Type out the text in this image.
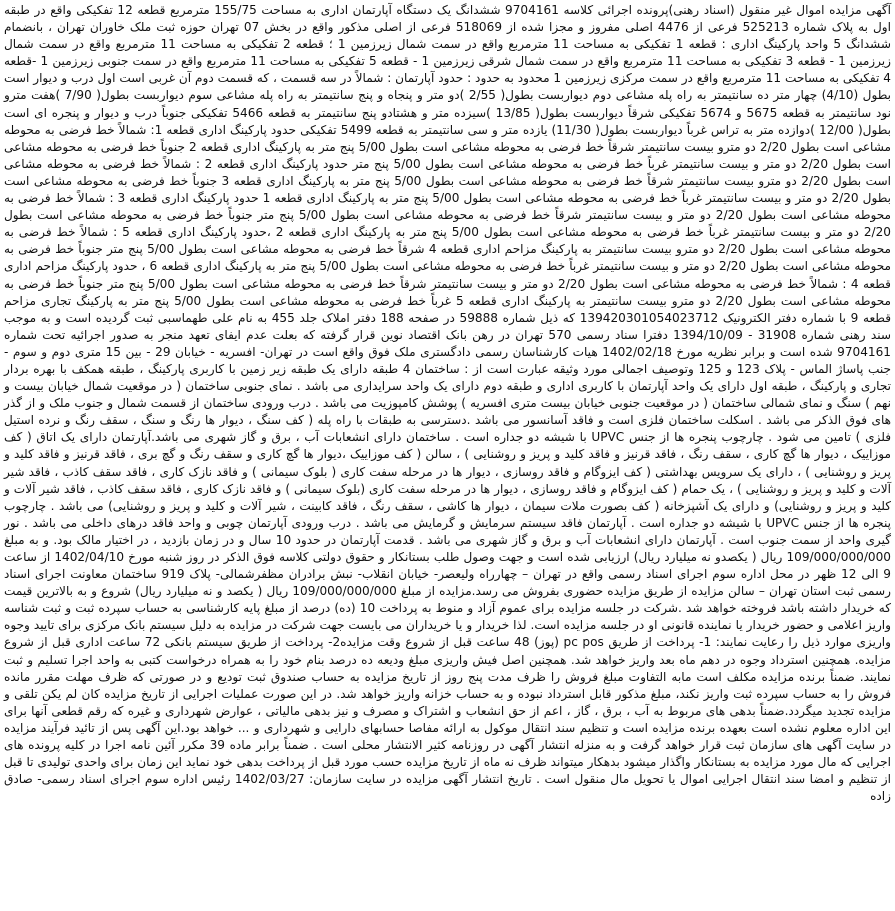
آگهی مزایده اموال غیر منقول (اسناد رهنی)پرونده اجرائی کلاسه 9704161 ششدانگ یک دستگاه آپارتمان اداری به مساحت 155/75 مترمربع قطعه 12 تفکیکی واقع در طبقه اول به پلاک شماره 525213 فرعی از 4476 اصلی مفروز و مجزا شده از 518069 فرعی از اصلی مذکور واقع در بخش 07 تهران حوزه ثبت ملک خاوران تهران ، بانضمام ششدانگ 5 واحد پارکینگ اداری : قطعه 1 تفکیکی به مساحت 11 مترمربع واقع در سمت شمال زیرزمین 1 ؛ قطعه 2 تفکیکی به مساحت 11 مترمربع واقع در سمت شمال زیرزمین 1 - قطعه 3 تفکیکی به مساحت 11 مترمربع واقع در سمت شمال شرقی زیرزمین 1 - قطعه 5 تفکیکی به مساحت 11 مترمربع واقع در سمت جنوبی زیرزمین 1 -قطعه 4 تفکیکی به مساحت 11 مترمربع واقع در سمت مرکزی زیرزمین 1 محدود به حدود : حدود آپارتمان : شمالاً در سه قسمت ، که قسمت دوم آن غربی است اول درب و دیوار است بطول (4/10) چهار متر ده سانتیمتر به راه پله مشاعی دوم دیواربست بطول( 2/55 )دو متر و پنجاه و پنج سانتیمتر به راه پله مشاعی سوم دیواربست بطول( 7/90 )هفت مترو نود سانتیمتر به قطعه 5675 و 5674 تفکیکی شرقاً دیواربست بطول( 13/85 )سیزده متر و هشتادو پنج سانتیمتر به قطعه 5466 تفکیکی جنوباً درب و دیوار و پنجره ای است بطول( 12/00 )دوازده متر به تراس غرباً دیواربست بطول( 11/30) یازده متر و سی سانتیمتر به قطعه 5499 تفکیکی حدود پارکینگ اداری قطعه 1: شمالاً خط فرضی به محوطه مشاعی است بطول 2/20 دو مترو بیست سانتیمتر شرقاً خط فرضی به محوطه مشاعی است بطول 5/00 پنج متر به پارکینگ اداری قطعه 2 جنوباً خط فرضی به محوطه مشاعی است بطول 2/20 دو متر و بیست سانتیمتر غرباً خط فرضی به محوطه مشاعی است بطول 5/00 پنج متر حدود پارکینگ اداری قطعه 2 : شمالاً خط فرضی به محوطه مشاعی است بطول 2/20 دو مترو بیست سانتیمتر شرقاً خط فرضی به محوطه مشاعی است بطول 5/00 پنج متر به پارکینگ اداری قطعه 3 جنوباً خط فرضی به محوطه مشاعی است بطول 2/20 دو متر و بیست سانتیمتر غرباً خط فرضی به محوطه مشاعی است بطول 5/00 پنج متر به پارکینگ اداری قطعه 1 حدود پارکینگ اداری قطعه 3 : شمالاً خط فرضی به محوطه مشاعی است بطول 2/20 دو متر و بیست سانتیمتر شرقاً خط فرضی به محوطه مشاعی است بطول 5/00 پنج متر جنوباً خط فرضی به محوطه مشاعی است بطول 2/20 دو متر و بیست سانتیمتر غرباً خط فرضی به محوطه مشاعی است بطول 5/00 پنج متر به پارکینگ اداری قطعه 2 ،حدود پارکینگ اداری قطعه 5 : شمالاً خط فرضی به محوطه مشاعی است بطول 2/20 دو مترو بیست سانتیمتر به پارکینگ مزاحم اداری قطعه 4 شرقاً خط فرضی به محوطه مشاعی است بطول 5/00 پنج متر جنوباً خط فرضی به محوطه مشاعی است بطول 2/20 دو متر و بیست سانتیمتر غرباً خط فرضی به محوطه مشاعی است بطول 5/00 پنج متر به پارکینگ اداری قطعه 6 ، حدود پارکینگ مزاحم اداری قطعه 4 : شمالاً خط فرضی به محوطه مشاعی است بطول 2/20 دو متر و بیست سانتیمتر شرقاً خط فرضی به محوطه مشاعی است بطول 5/00 پنج متر جنوباً خط فرضی به محوطه مشاعی است بطول 2/20 دو مترو بیست سانتیمتر به پارکینگ اداری قطعه 5 غرباً خط فرضی به محوطه مشاعی است بطول 5/00 پنج متر به پارکینگ تجاری مزاحم قطعه 9 با شماره دفتر الکترونیک 139420301054023712 که ذیل شماره 59888 در صفحه 188 دفتر املاک جلد 455 به نام علی طهماسبی ثبت گردیده است و به موجب سند رهنی شماره 31908 - 1394/10/09 دفترا سناد رسمی 570 تهران در رهن بانک اقتصاد نوین قرار گرفته که بعلت عدم ایفای تعهد منجر به صدور اجرائیه تحت شماره 9704161 شده است و برابر نظریه مورخ 1402/02/18 هیات کارشناسان رسمی دادگستری ملک فوق واقع است در تهران- افسریه - خیابان 29 - بین 15 متری دوم و سوم - جنب پاساژ الماس - پلاک 123 و 125 وتوصیف اجمالی مورد وثیقه عبارت است از : ساختمان 4 طبقه دارای یک طبقه زیر زمین با کاربری پارکینگ ، طبقه همکف با بهره بردار تجاری و پارکینگ ، طبقه اول دارای یک واحد آپارتمان با کاربری اداری و طبقه دوم دارای یک واحد سرایداری می باشد . نمای جنوبی ساختمان ( در موقعیت شمال خیابان بیست و نهم ) سنگ و نمای شمالی ساختمان ( در موقعیت جنوبی خیابان بیست متری افسریه ) پوشش کامپوزیت می باشد . درب ورودی ساختمان از قسمت شمال و جنوب ملک و از گذر های فوق الذکر می باشد . اسکلت ساختمان فلزی است و فاقد آسانسور می باشد .دسترسی به طبقات با راه پله ( کف سنگ ، دیوار ها رنگ و سنگ ، سقف رنگ و نرده استیل فلزی ) تامین می شود . چارچوب پنجره ها از جنس UPVC با شیشه دو جداره است . ساختمان دارای انشعابات آب ، برق و گاز شهری می باشد.آپارتمان دارای یک اتاق ( کف موزاییک ، دیوار ها گچ کاری ، سقف رنگ ، فاقد قرنیز و فاقد کلید و پریز و روشنایی ) ، سالن ( کف موزاییک ،دیوار ها گچ کاری و سقف رنگ و گچ بری ، فاقد قرنیز و فاقد کلید و پریز و روشنایی ) ، دارای یک سرویس بهداشتی ( کف ایزوگام و فاقد روسازی ، دیوار ها در مرحله سفت کاری ( بلوک سیمانی ) و فاقد نازک کاری ، فاقد سقف کاذب ، فاقد شیر آلات و کلید و پریز و روشنایی ) ، یک حمام ( کف ایزوگام و فاقد روسازی ، دیوار ها در مرحله سفت کاری (بلوک سیمانی ) و فاقد نازک کاری ، فاقد سقف کاذب ، فاقد شیر آلات و کلید و پریز و روشنایی) و دارای یک آشپزخانه ( کف بصورت ملات سیمان ، دیوار ها کاشی ، سقف رنگ ، فاقد کابینت ، شیر آلات و کلید و پریز و روشنایی) می باشد . چارچوب پنجره ها از جنس UPVC با شیشه دو جداره است . آپارتمان فاقد سیستم سرمایش و گرمایش می باشد . درب ورودی آپارتمان چوبی و واحد فاقد درهای داخلی می باشد . نور گیری واحد از سمت جنوب است . آپارتمان دارای انشعابات آب و برق و گاز شهری می باشد . قدمت آپارتمان در حدود 10 سال و در زمان بازدید ، در اختیار مالک بود. و به مبلغ 109/000/000/000 ریال ( یکصدو نه میلیارد ریال) ارزیابی شده است و جهت وصول طلب بستانکار و حقوق دولتی کلاسه فوق الذکر در روز شنبه مورخ 1402/04/10 از ساعت 9 الی 12 ظهر در محل اداره سوم اجرای اسناد رسمی واقع در تهران – چهارراه ولیعصر- خیابان انقلاب- نبش برادران مظفرشمالی- پلاک 919 ساختمان معاونت اجرای اسناد رسمی ثبت استان تهران – سالن مزایده از طریق مزایده حضوری بفروش می رسد.مزایده از مبلغ 109/000/000/000 ریال ( یکصد و نه میلیارد ریال) شروع و به بالاترین قیمت که خریدار داشته باشد فروخته خواهد شد .شرکت در جلسه مزایده برای عموم آزاد و منوط به پرداخت 10 (ده) درصد از مبلغ پایه کارشناسی به حساب سپرده ثبت و ثبت شناسه واریز اعلامی و حضور خریدار یا نماینده قانونی او در جلسه مزایده است. لذا خریدار و یا خریداران می بایست جهت شرکت در مزایده به دلیل سیستم بانک مرکزی برای تایید وجوه واریزی موارد ذیل را رعایت نمایند: 1- پرداخت از طریق pc pos (پوز) 48 ساعت قبل از شروع وقت مزایده2- پرداخت از طریق سیستم بانکی 72 ساعت اداری قبل از شروع مزایده. همچنین استرداد وجوه در دهم ماه بعد واریز خواهد شد. همچنین اصل فیش واریزی مبلغ ودیعه ده درصد بنام خود را به همراه درخواست کتبی به واحد اجرا تسلیم و ثبت نمایند. ضمناً برنده مزایده مکلف است مابه التفاوت مبلغ فروش را ظرف مدت پنج روز از تاریخ مزایده به حساب صندوق ثبت تودیع و در صورتی که ظرف مهلت مقرر مانده فروش را به حساب سپرده ثبت واریز نکند، مبلغ مذکور قابل استرداد نبوده و به حساب خزانه واریز خواهد شد. در این صورت عملیات اجرایی از تاریخ مزایده کان لم یکن تلقی و مزایده تجدید میگردد.ضمناً بدهی های مربوط به آب ، برق ، گاز ، اعم از حق انشعاب و اشتراک و مصرف و نیز بدهی مالیاتی ، عوارض شهرداری و غیره که رقم قطعی آنها برای این اداره معلوم نشده است بعهده برنده مزایده است و تنظیم سند انتقال موکول به ارائه مفاصا حسابهای دارایی و شهرداری و ... خواهد بود.این آگهی پس از تائید فرآیند مزایده در سایت آگهی های سازمان ثبت قرار خواهد گرفت و به منزله انتشار آگهی در روزنامه کثیر الانتشار محلی است . ضمناً برابر ماده 39 مکرر آئین نامه اجرا در کلیه پرونده های اجرایی که مال مورد مزایده به بستانکار واگذار میشود بدهکار میتواند ظرف نه ماه از تاریخ مزایده حسب مورد قبل از پرداخت بدهی خود نماید این زمان برای واحدی تولیدی تا قبل از تنظیم و امضا سند انتقال اجرایی اموال یا تحویل مال منقول است . تاریخ انتشار آگهی مزایده در سایت سازمان: 1402/03/27 رئیس اداره سوم اجرای اسناد رسمی- صادق زاده
